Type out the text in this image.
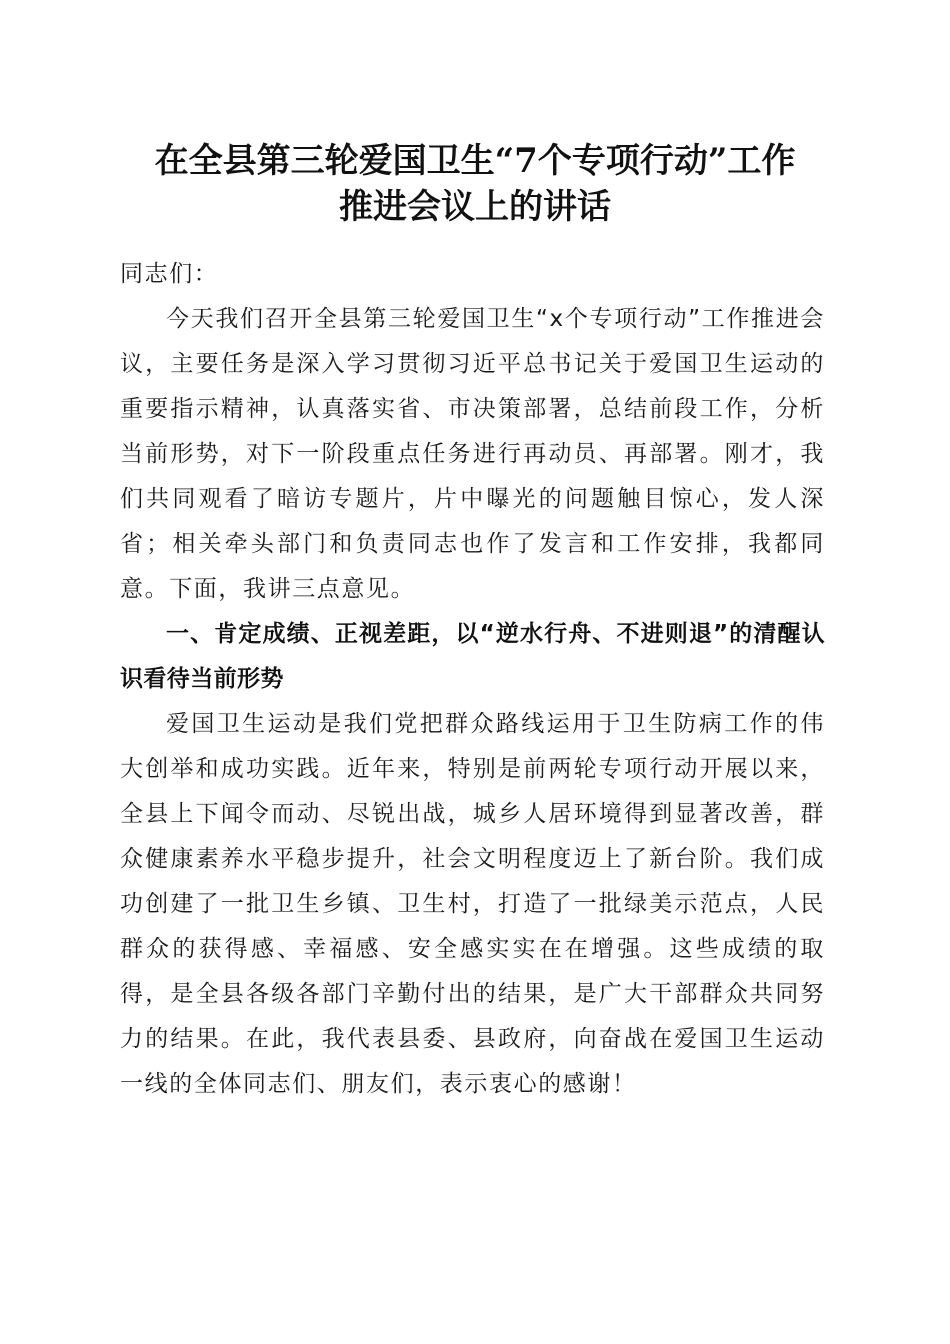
在全县第三轮爱国卫生“7个专项行动”工作
推进会议上的讲话

同志们：

今天我们召开全县第三轮爱国卫生“x个专项行动”工作推进会议，主要任务是深入学习贯彻习近平总书记关于爱国卫生运动的重要指示精神，认真落实省、市决策部署，总结前段工作，分析当前形势，对下一阶段重点任务进行再动员、再部署。刚才，我们共同观看了暗访专题片，片中曝光的问题触目惊心，发人深省；相关牵头部门和负责同志也作了发言和工作安排，我都同意。下面，我讲三点意见。

一、肯定成绩、正视差距，以“逆水行舟、不进则退”的清醒认识看待当前形势

爱国卫生运动是我们党把群众路线运用于卫生防病工作的伟大创举和成功实践。近年来，特别是前两轮专项行动开展以来，全县上下闻令而动、尽锐出战，城乡人居环境得到显著改善，群众健康素养水平稳步提升，社会文明程度迈上了新台阶。我们成功创建了一批卫生乡镇、卫生村，打造了一批绿美示范点，人民群众的获得感、幸福感、安全感实实在在增强。这些成绩的取得，是全县各级各部门辛勤付出的结果，是广大干部群众共同努力的结果。在此，我代表县委、县政府，向奋战在爱国卫生运动一线的全体同志们、朋友们，表示衷心的感谢！
